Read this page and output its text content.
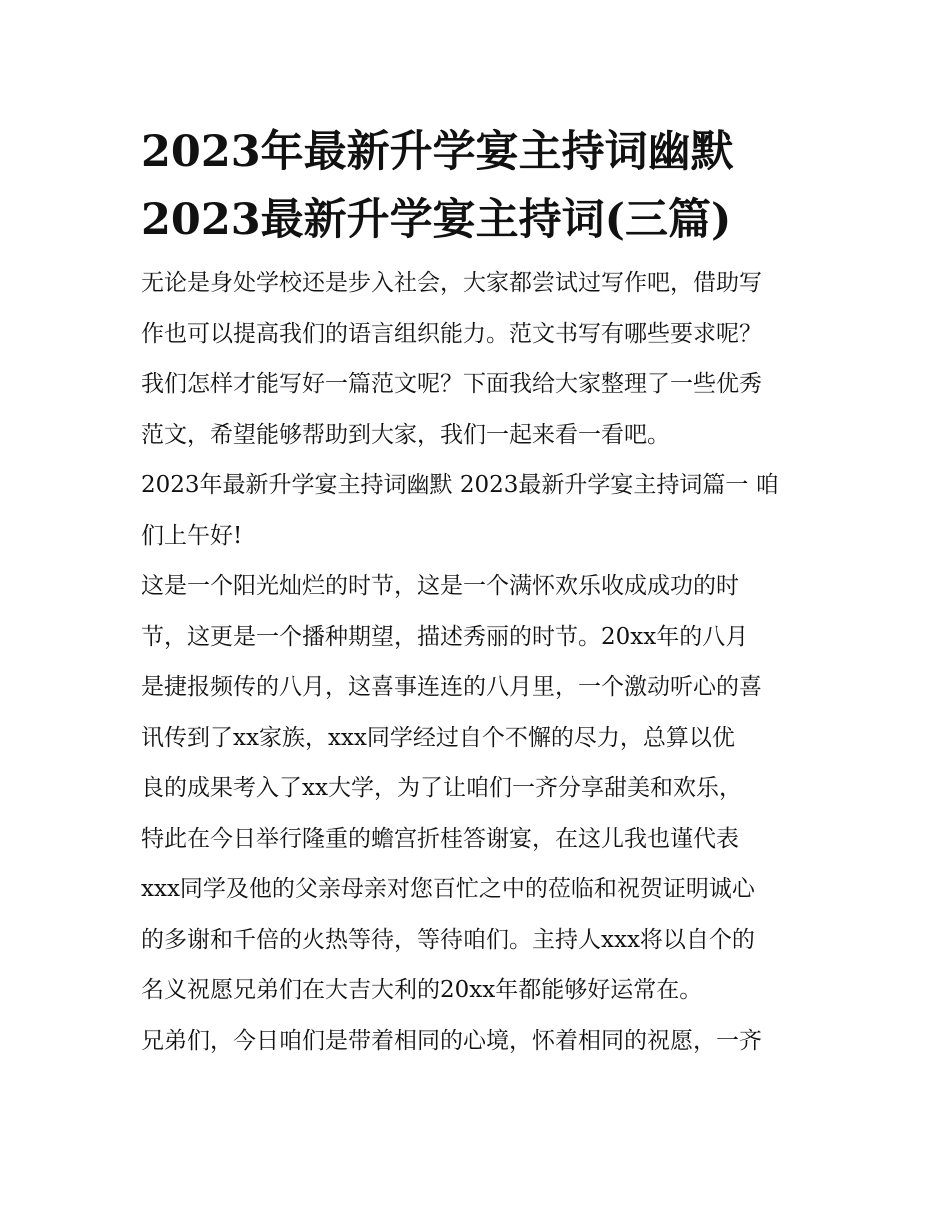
2023年最新升学宴主持词幽默
2023最新升学宴主持词(三篇)

无论是身处学校还是步入社会，大家都尝试过写作吧，借助写
作也可以提高我们的语言组织能力。范文书写有哪些要求呢？
我们怎样才能写好一篇范文呢？下面我给大家整理了一些优秀
范文，希望能够帮助到大家，我们一起来看一看吧。

2023年最新升学宴主持词幽默 2023最新升学宴主持词篇一 咱
们上午好!

这是一个阳光灿烂的时节，这是一个满怀欢乐收成成功的时
节，这更是一个播种期望，描述秀丽的时节。20xx年的八月
是捷报频传的八月，这喜事连连的八月里，一个激动听心的喜
讯传到了xx家族，xxx同学经过自个不懈的尽力，总算以优
良的成果考入了xx大学，为了让咱们一齐分享甜美和欢乐，
特此在今日举行隆重的蟾宫折桂答谢宴，在这儿我也谨代表
xxx同学及他的父亲母亲对您百忙之中的莅临和祝贺证明诚心
的多谢和千倍的火热等待，等待咱们。主持人xxx将以自个的
名义祝愿兄弟们在大吉大利的20xx年都能够好运常在。

兄弟们，今日咱们是带着相同的心境，怀着相同的祝愿，一齐
